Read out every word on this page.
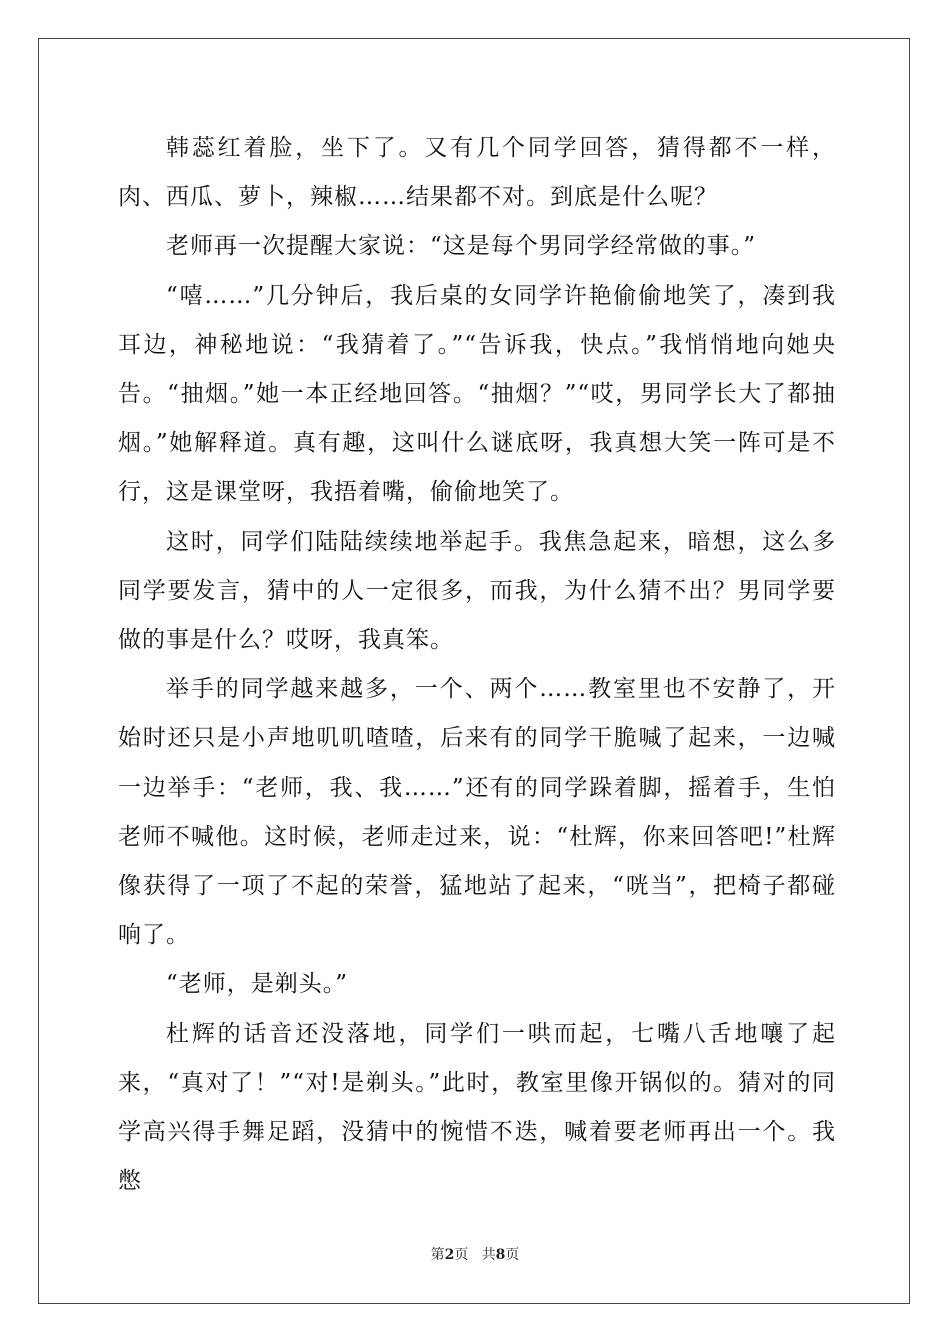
韩蕊红着脸，坐下了。又有几个同学回答，猜得都不一样，肉、西瓜、萝卜，辣椒……结果都不对。到底是什么呢？

老师再一次提醒大家说：“这是每个男同学经常做的事。”

“嘻……”几分钟后，我后桌的女同学许艳偷偷地笑了，凑到我耳边，神秘地说：“我猜着了。”“告诉我，快点。”我悄悄地向她央告。“抽烟。”她一本正经地回答。“抽烟？”“哎，男同学长大了都抽烟。”她解释道。真有趣，这叫什么谜底呀，我真想大笑一阵可是不行，这是课堂呀，我捂着嘴，偷偷地笑了。

这时，同学们陆陆续续地举起手。我焦急起来，暗想，这么多同学要发言，猜中的人一定很多，而我，为什么猜不出？男同学要做的事是什么？哎呀，我真笨。

举手的同学越来越多，一个、两个……教室里也不安静了，开始时还只是小声地叽叽喳喳，后来有的同学干脆喊了起来，一边喊一边举手：“老师，我、我……”还有的同学跺着脚，摇着手，生怕老师不喊他。这时候，老师走过来，说：“杜辉，你来回答吧!”杜辉像获得了一项了不起的荣誉，猛地站了起来，“咣当”，把椅子都碰响了。

“老师，是剃头。”

杜辉的话音还没落地，同学们一哄而起，七嘴八舌地嚷了起来，“真对了！”“对!是剃头。”此时，教室里像开锅似的。猜对的同学高兴得手舞足蹈，没猜中的惋惜不迭，喊着要老师再出一个。我憋

第2页 共8页
